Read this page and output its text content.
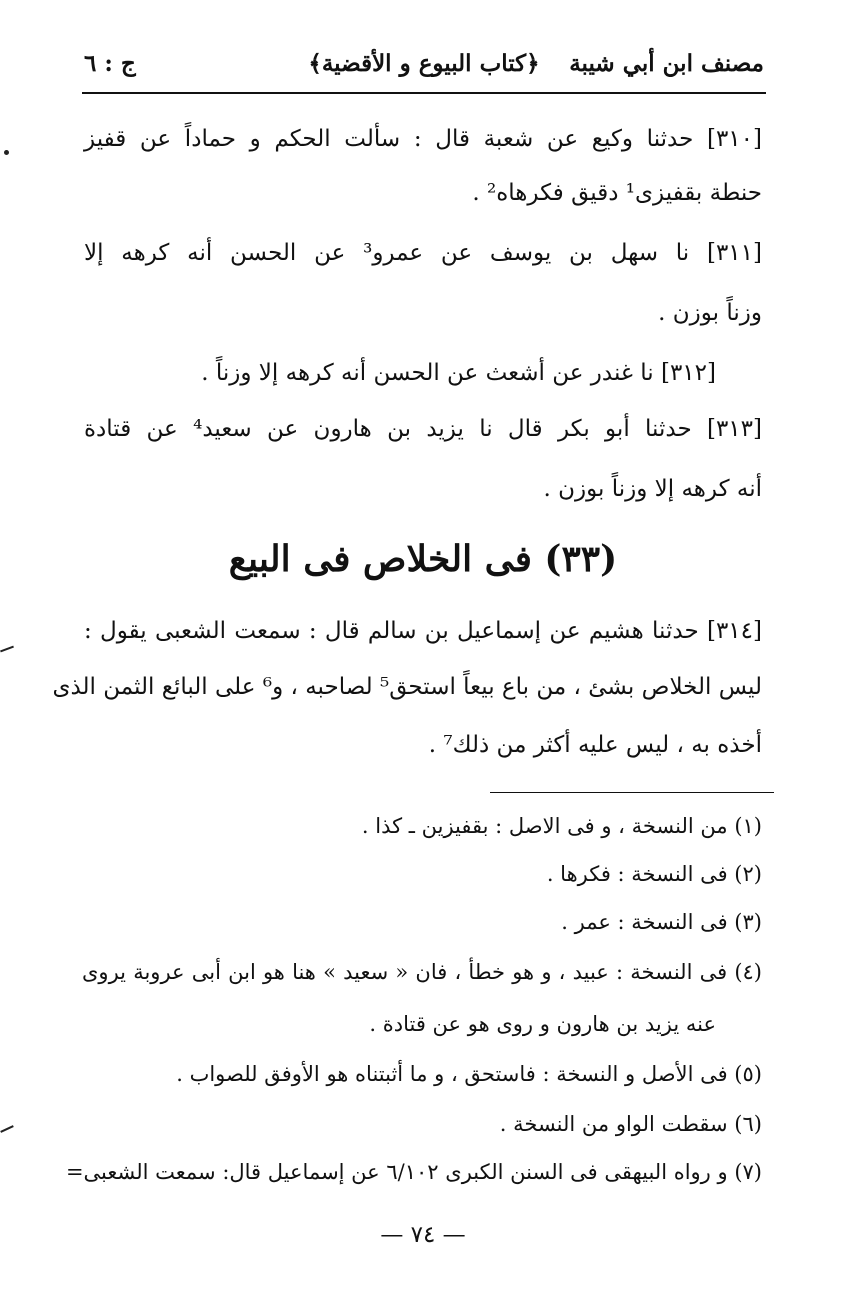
مصنف ابن أبي شيبة
﴿كتاب البيوع و الأقضية﴾
ج : ٦
[٣١٠] حدثنا وكيع عن شعبة قال : سألت الحكم و حماداً عن قفيز
حنطة بقفيزى¹ دقيق فكرهاه² .
[٣١١] نا سهل بن يوسف عن عمرو³ عن الحسن أنه كرهه إلا
وزناً بوزن .
[٣١٢] نا غندر عن أشعث عن الحسن أنه كرهه إلا وزناً .
[٣١٣] حدثنا أبو بكر قال نا يزيد بن هارون عن سعيد⁴ عن قتادة
أنه كرهه إلا وزناً بوزن .
(٣٣) فى الخلاص فى البيع
[٣١٤] حدثنا هشيم عن إسماعيل بن سالم قال : سمعت الشعبى يقول :
ليس الخلاص بشئ ، من باع بيعاً استحق⁵ لصاحبه ، و⁶ على البائع الثمن الذى
أخذه به ، ليس عليه أكثر من ذلك⁷ .
(١) من النسخة ، و فى الاصل : بقفيزين ـ كذا .
(٢) فى النسخة : فكرها .
(٣) فى النسخة : عمر .
(٤) فى النسخة : عبيد ، و هو خطأ ، فان « سعيد » هنا هو ابن أبى عروبة يروى
عنه يزيد بن هارون و روى هو عن قتادة .
(٥) فى الأصل و النسخة : فاستحق ، و ما أثبتناه هو الأوفق للصواب .
(٦) سقطت الواو من النسخة .
(٧) و رواه البيهقى فى السنن الكبرى ٦/١٠٢ عن إسماعيل قال: سمعت الشعبى=
— ٧٤ —
